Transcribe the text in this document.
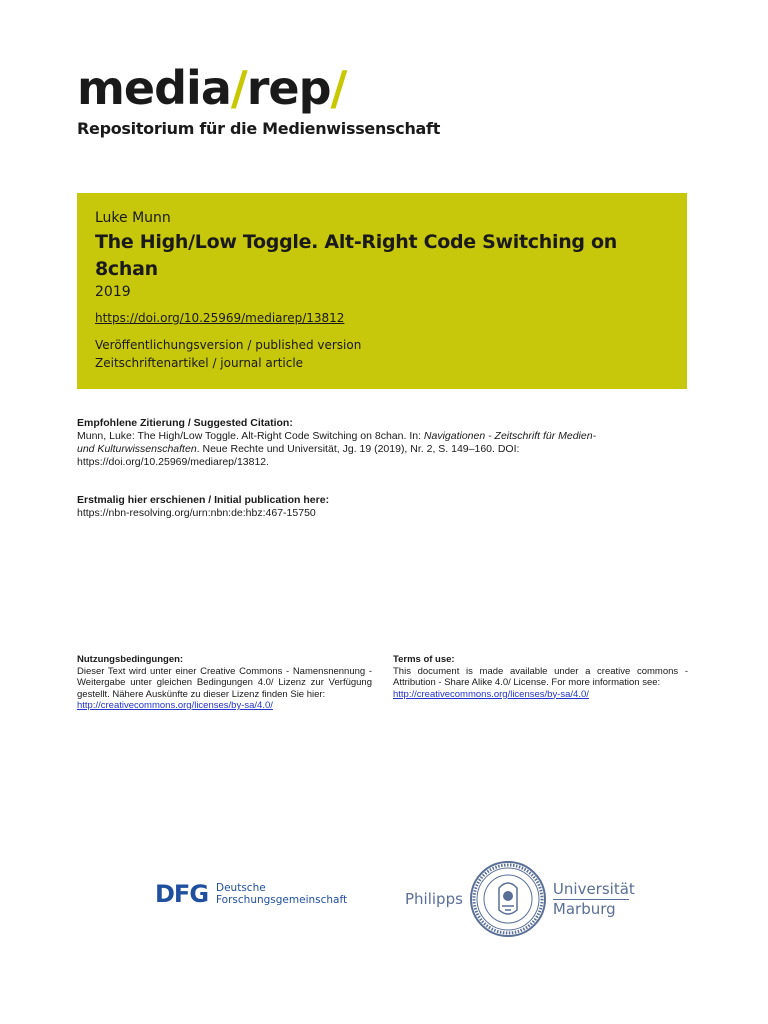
media/rep/
Repositorium für die Medienwissenschaft
Luke Munn
The High/Low Toggle. Alt-Right Code Switching on 8chan
2019
https://doi.org/10.25969/mediarep/13812
Veröffentlichungsversion / published version
Zeitschriftenartikel / journal article
Empfohlene Zitierung / Suggested Citation:
Munn, Luke: The High/Low Toggle. Alt-Right Code Switching on 8chan. In: Navigationen - Zeitschrift für Medien- und Kulturwissenschaften. Neue Rechte und Universität, Jg. 19 (2019), Nr. 2, S. 149–160. DOI: https://doi.org/10.25969/mediarep/13812.
Erstmalig hier erschienen / Initial publication here:
https://nbn-resolving.org/urn:nbn:de:hbz:467-15750
Nutzungsbedingungen:
Dieser Text wird unter einer Creative Commons - Namensnennung - Weitergabe unter gleichen Bedingungen 4.0/ Lizenz zur Verfügung gestellt. Nähere Auskünfte zu dieser Lizenz finden Sie hier:
http://creativecommons.org/licenses/by-sa/4.0/
Terms of use:
This document is made available under a creative commons - Attribution - Share Alike 4.0/ License. For more information see:
http://creativecommons.org/licenses/by-sa/4.0/
DFG Deutsche
Forschungsgemeinschaft	Philipps
Universität
Marburg
